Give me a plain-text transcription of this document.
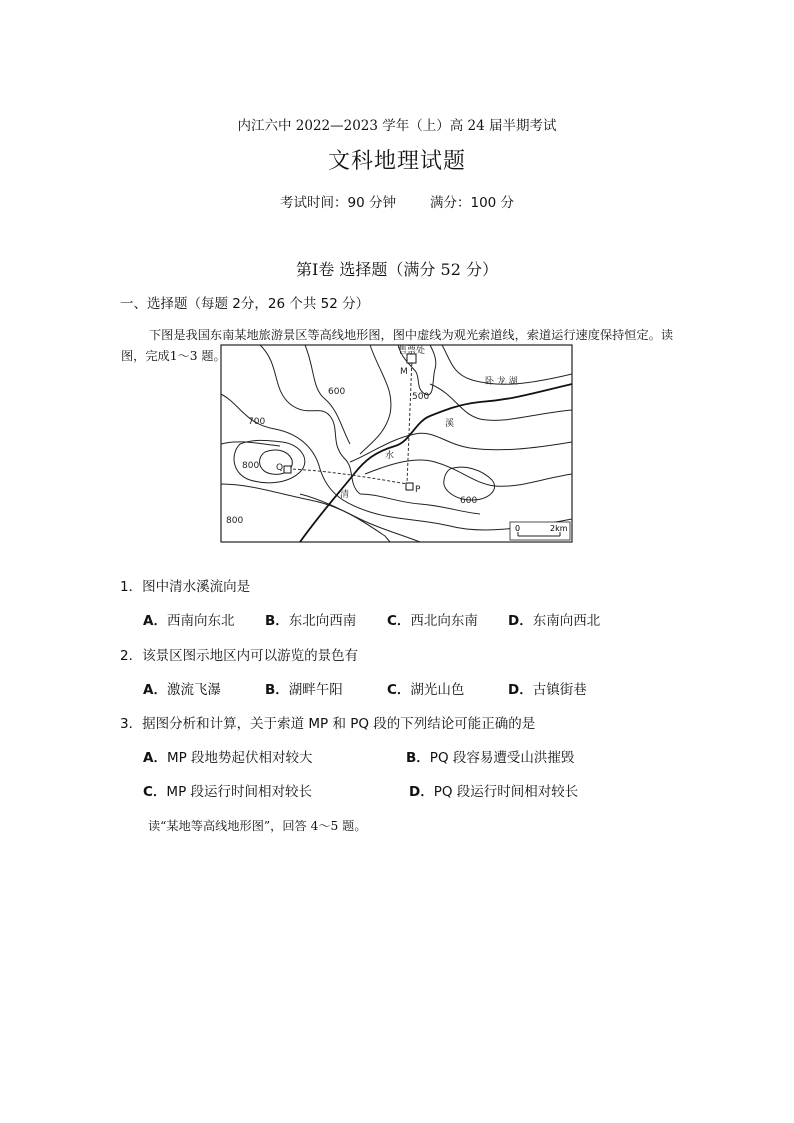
内江六中 2022—2023 学年（上）高 24 届半期考试
文科地理试题
考试时间：90 分钟	满分：100 分
第Ⅰ卷 选择题（满分 52 分）
一、选择题（每题 2分，26 个共 52 分）
下图是我国东南某地旅游景区等高线地形图，图中虚线为观光索道线，索道运行速度保持恒定。读图，完成1～3 题。	售票处
卧 龙 湖
M
P
Q
溪
水
清
600	500
700
800
600
800
0	2km
1．图中清水溪流向是
A．西南向东北 B．东北向西南 C．西北向东南 D．东南向西北
2．该景区图示地区内可以游览的景色有
A．激流飞瀑	B．湖畔午阳	C．湖光山色	D．古镇街巷
3．据图分析和计算，关于索道 MP 和 PQ 段的下列结论可能正确的是
A．MP 段地势起伏相对较大	B．PQ 段容易遭受山洪摧毁
C．MP 段运行时间相对较长	D．PQ 段运行时间相对较长
读“某地等高线地形图”，回答 4～5 题。
